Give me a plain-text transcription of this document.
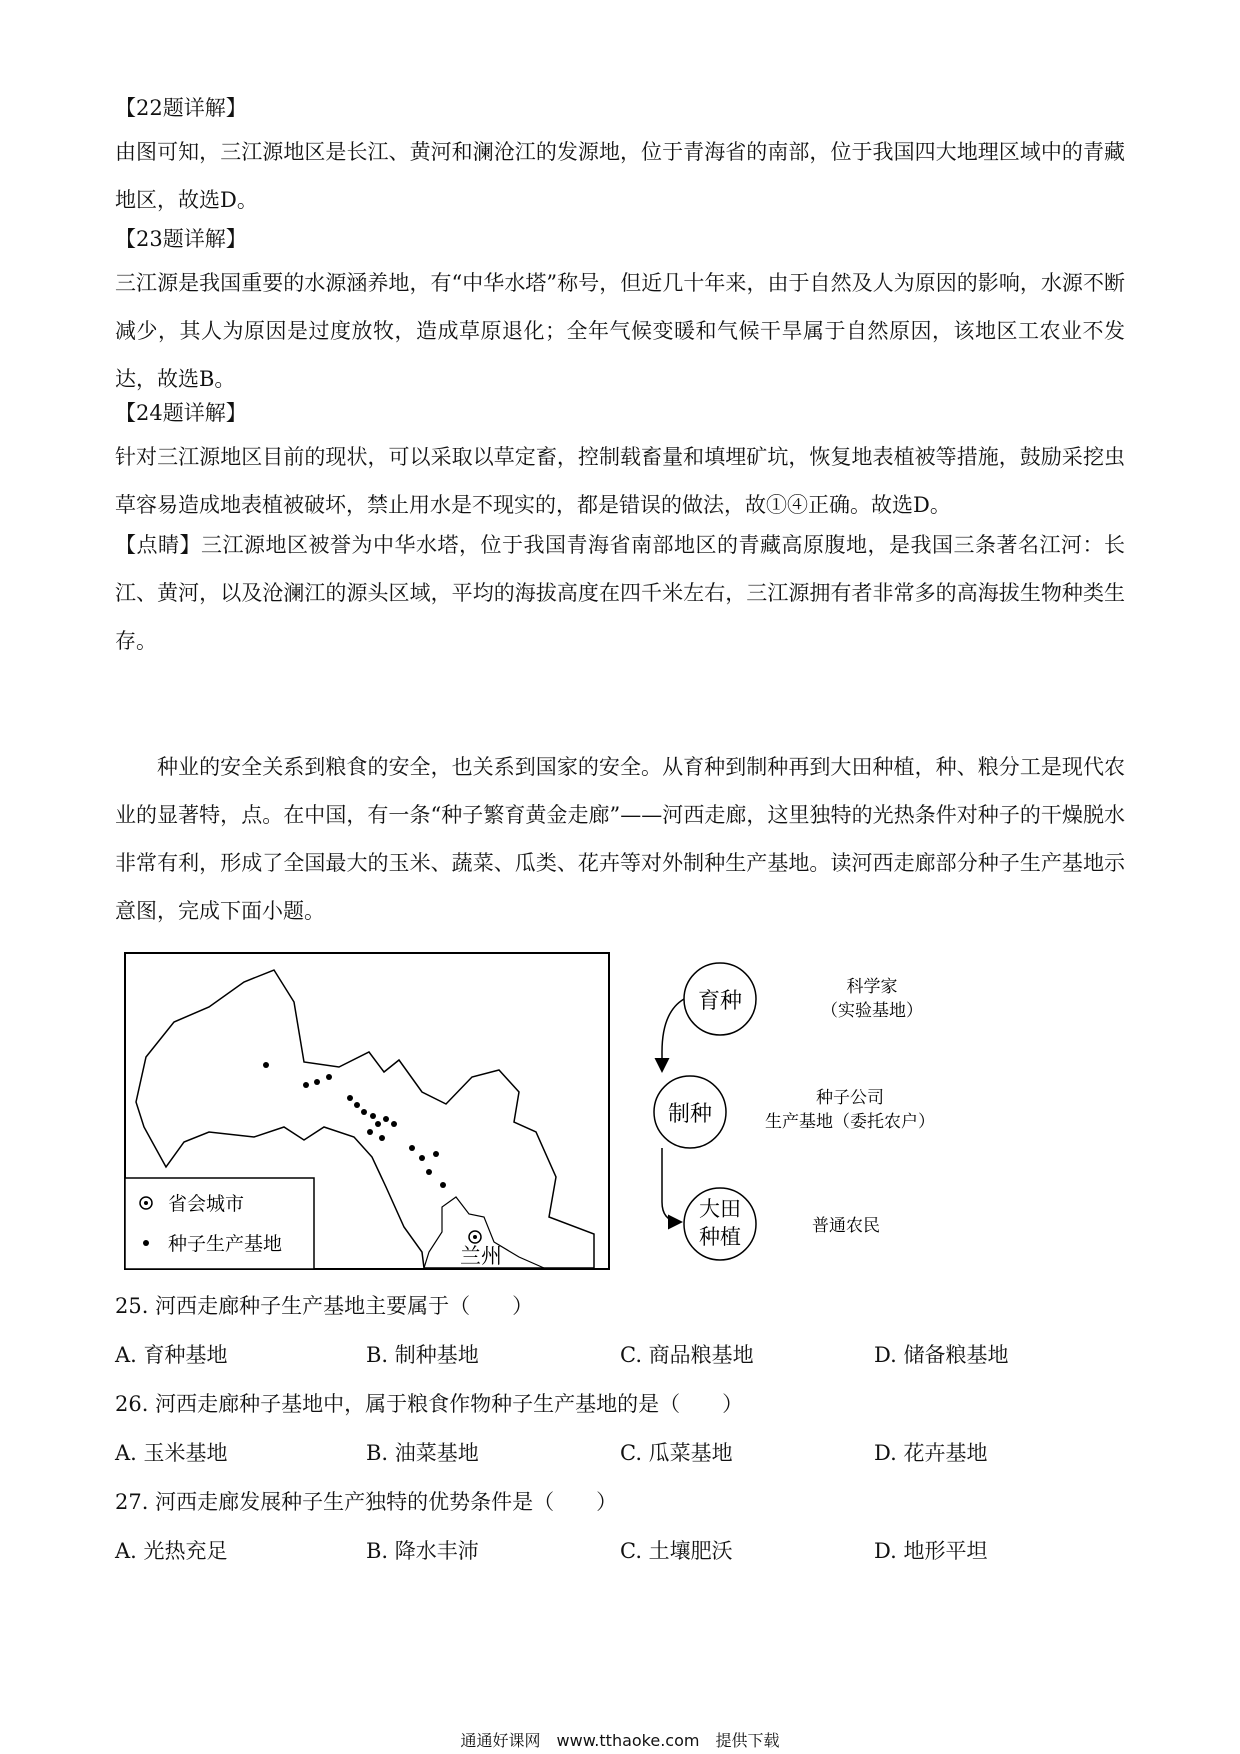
【22题详解】
由图可知，三江源地区是长江、黄河和澜沧江的发源地，位于青海省的南部，位于我国四大地理区域中的青藏地区，故选D。
【23题详解】
三江源是我国重要的水源涵养地，有“中华水塔”称号，但近几十年来，由于自然及人为原因的影响，水源不断减少，其人为原因是过度放牧，造成草原退化；全年气候变暖和气候干旱属于自然原因，该地区工农业不发达，故选B。
【24题详解】
针对三江源地区目前的现状，可以采取以草定畜，控制载畜量和填埋矿坑，恢复地表植被等措施，鼓励采挖虫草容易造成地表植被破坏，禁止用水是不现实的，都是错误的做法，故①④正确。故选D。
【点睛】三江源地区被誉为中华水塔，位于我国青海省南部地区的青藏高原腹地，是我国三条著名江河：长江、黄河，以及沧澜江的源头区域，平均的海拔高度在四千米左右，三江源拥有者非常多的高海拔生物种类生存。
种业的安全关系到粮食的安全，也关系到国家的安全。从育种到制种再到大田种植，种、粮分工是现代农业的显著特，点。在中国，有一条“种子繁育黄金走廊”——河西走廊，这里独特的光热条件对种子的干燥脱水非常有利，形成了全国最大的玉米、蔬菜、瓜类、花卉等对外制种生产基地。读河西走廊部分种子生产基地示意图，完成下面小题。
兰州
省会城市
种子生产基地
育种
科学家
（实验基地）
制种
种子公司
生产基地（委托农户）
大田
种植	普通农民
25. 河西走廊种子生产基地主要属于（　　）
A. 育种基地	B. 制种基地	C. 商品粮基地	D. 储备粮基地
26. 河西走廊种子基地中，属于粮食作物种子生产基地的是（　　）
A. 玉米基地	B. 油菜基地	C. 瓜菜基地	D. 花卉基地
27. 河西走廊发展种子生产独特的优势条件是（　　）
A. 光热充足	B. 降水丰沛	C. 土壤肥沃	D. 地形平坦
通通好课网　www.tthaoke.com　提供下载
